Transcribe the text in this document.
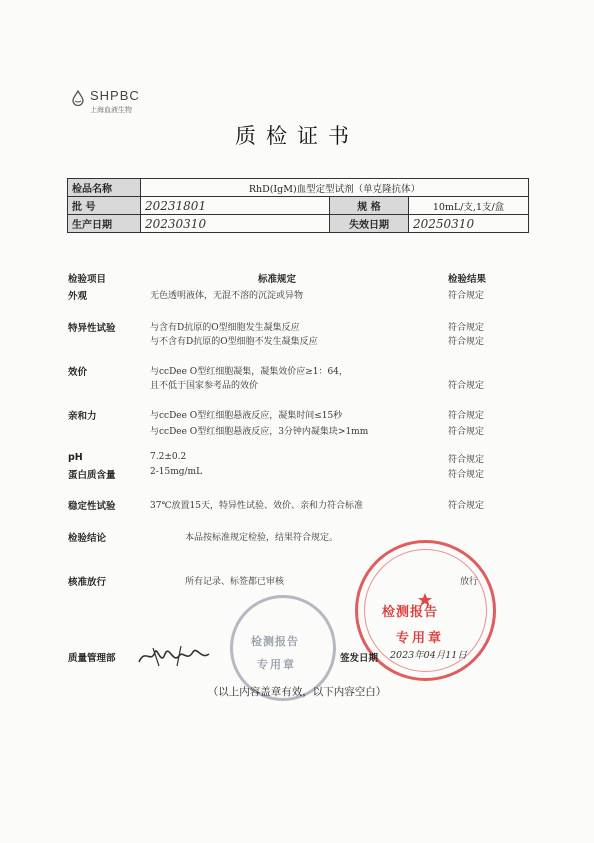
SHPBC
上海血液生物
质检证书
检品名称	RhD(IgM)血型定型试剂（单克隆抗体）		
批 号	20231801	规 格	10mL/支,1支/盒
生产日期	20230310	失效日期	20250310
检验项目	标准规定	检验结果
外观	无色透明液体，无混不溶的沉淀或异物	符合规定
特异性试验	与含有D抗原的O型细胞发生凝集反应	符合规定
与不含有D抗原的O型细胞不发生凝集反应	符合规定
效价	与ccDee O型红细胞凝集，凝集效价应≥1：64，
且不低于国家参考品的效价	符合规定
亲和力	与ccDee O型红细胞悬液反应，凝集时间≤15秒	符合规定
与ccDee O型红细胞悬液反应，3分钟内凝集块>1mm	符合规定
pH	7.2±0.2	符合规定
蛋白质含量	2-15mg/mL	符合规定
稳定性试验	37℃放置15天，特异性试验、效价、亲和力符合标准	符合规定
检验结论	本品按标准规定检验，结果符合规定。
核准放行	所有记录、标签都已审核	放行
检测报告
专用章
检测报告
专用章
质量管理部	签发日期 2023年04月11日
（以上内容盖章有效，以下内容空白）
